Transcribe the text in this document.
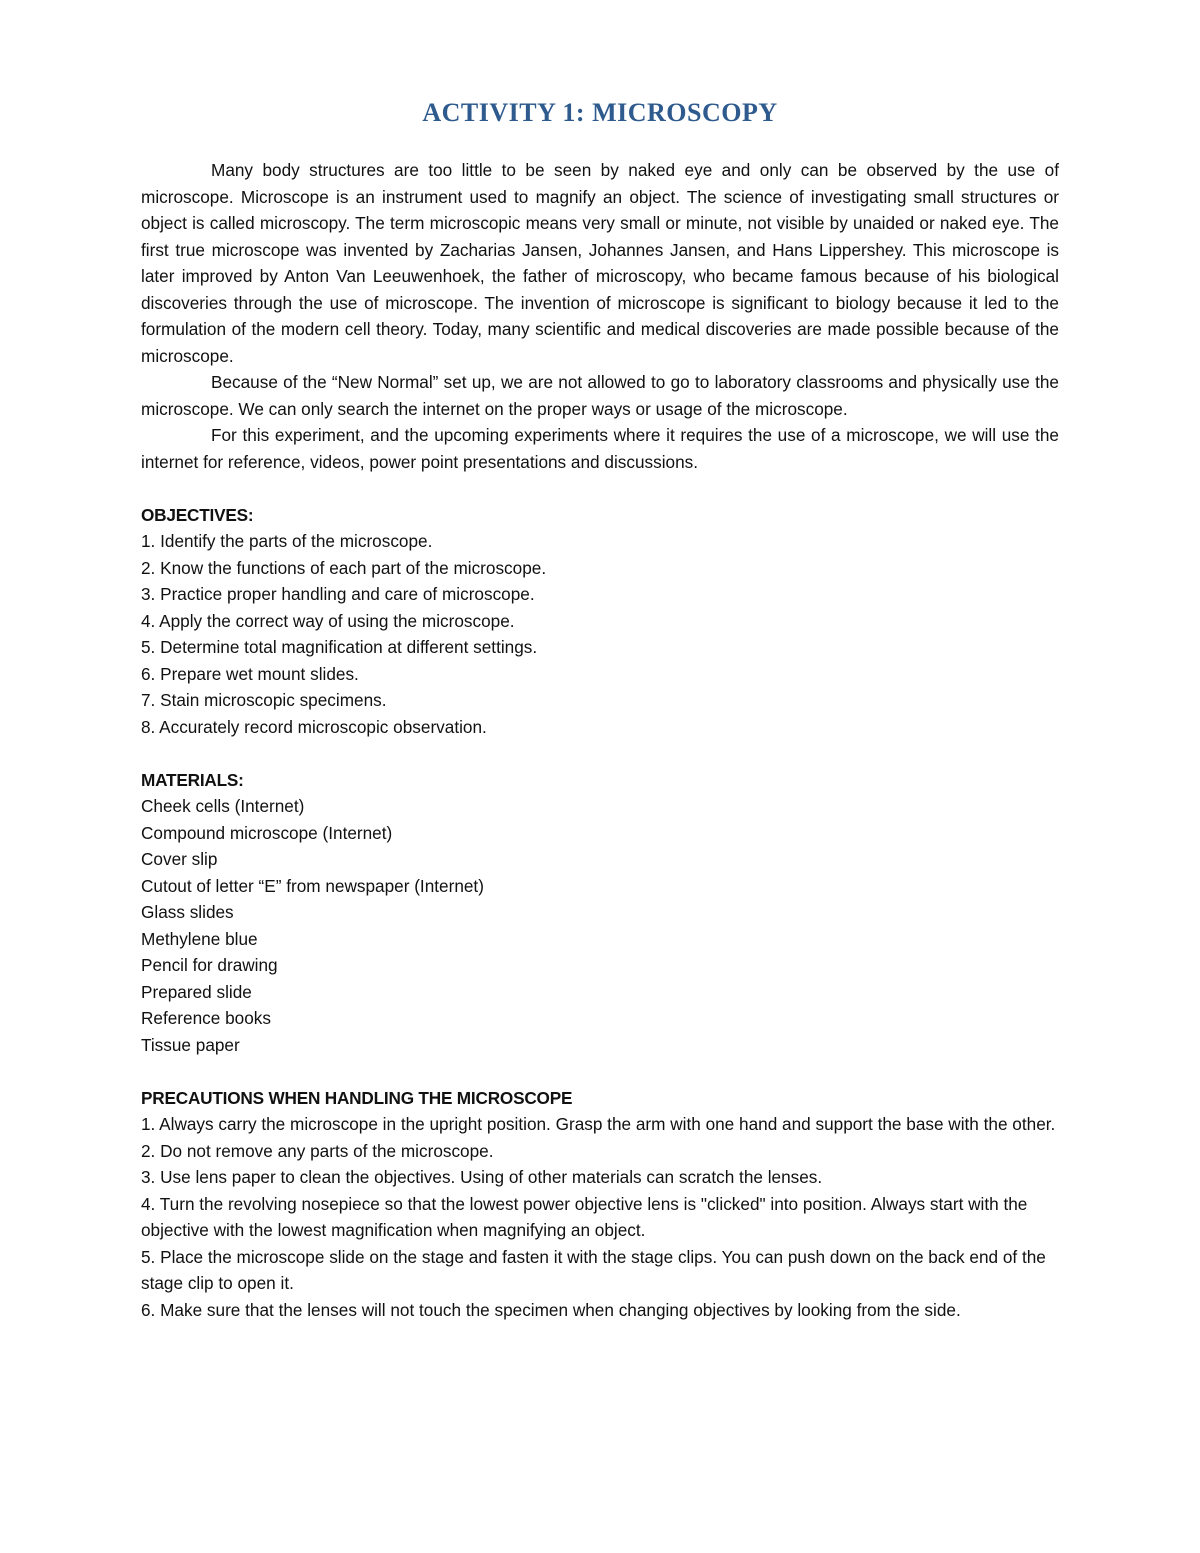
ACTIVITY 1: MICROSCOPY

Many body structures are too little to be seen by naked eye and only can be observed by the use of microscope. Microscope is an instrument used to magnify an object. The science of investigating small structures or object is called microscopy. The term microscopic means very small or minute, not visible by unaided or naked eye. The first true microscope was invented by Zacharias Jansen, Johannes Jansen, and Hans Lippershey. This microscope is later improved by Anton Van Leeuwenhoek, the father of microscopy, who became famous because of his biological discoveries through the use of microscope. The invention of microscope is significant to biology because it led to the formulation of the modern cell theory. Today, many scientific and medical discoveries are made possible because of the microscope.

Because of the “New Normal” set up, we are not allowed to go to laboratory classrooms and physically use the microscope. We can only search the internet on the proper ways or usage of the microscope.

For this experiment, and the upcoming experiments where it requires the use of a microscope, we will use the internet for reference, videos, power point presentations and discussions.

OBJECTIVES:
1. Identify the parts of the microscope.
2. Know the functions of each part of the microscope.
3. Practice proper handling and care of microscope.
4. Apply the correct way of using the microscope.
5. Determine total magnification at different settings.
6. Prepare wet mount slides.
7. Stain microscopic specimens.
8. Accurately record microscopic observation.
MATERIALS:
Cheek cells (Internet)
Compound microscope (Internet)
Cover slip
Cutout of letter “E” from newspaper (Internet)
Glass slides
Methylene blue
Pencil for drawing
Prepared slide
Reference books
Tissue paper
PRECAUTIONS WHEN HANDLING THE MICROSCOPE
1. Always carry the microscope in the upright position. Grasp the arm with one hand and support the base with the other.
2. Do not remove any parts of the microscope.
3. Use lens paper to clean the objectives. Using of other materials can scratch the lenses.
4. Turn the revolving nosepiece so that the lowest power objective lens is "clicked" into position. Always start with the objective with the lowest magnification when magnifying an object.
5. Place the microscope slide on the stage and fasten it with the stage clips. You can push down on the back end of the stage clip to open it.
6. Make sure that the lenses will not touch the specimen when changing objectives by looking from the side.
